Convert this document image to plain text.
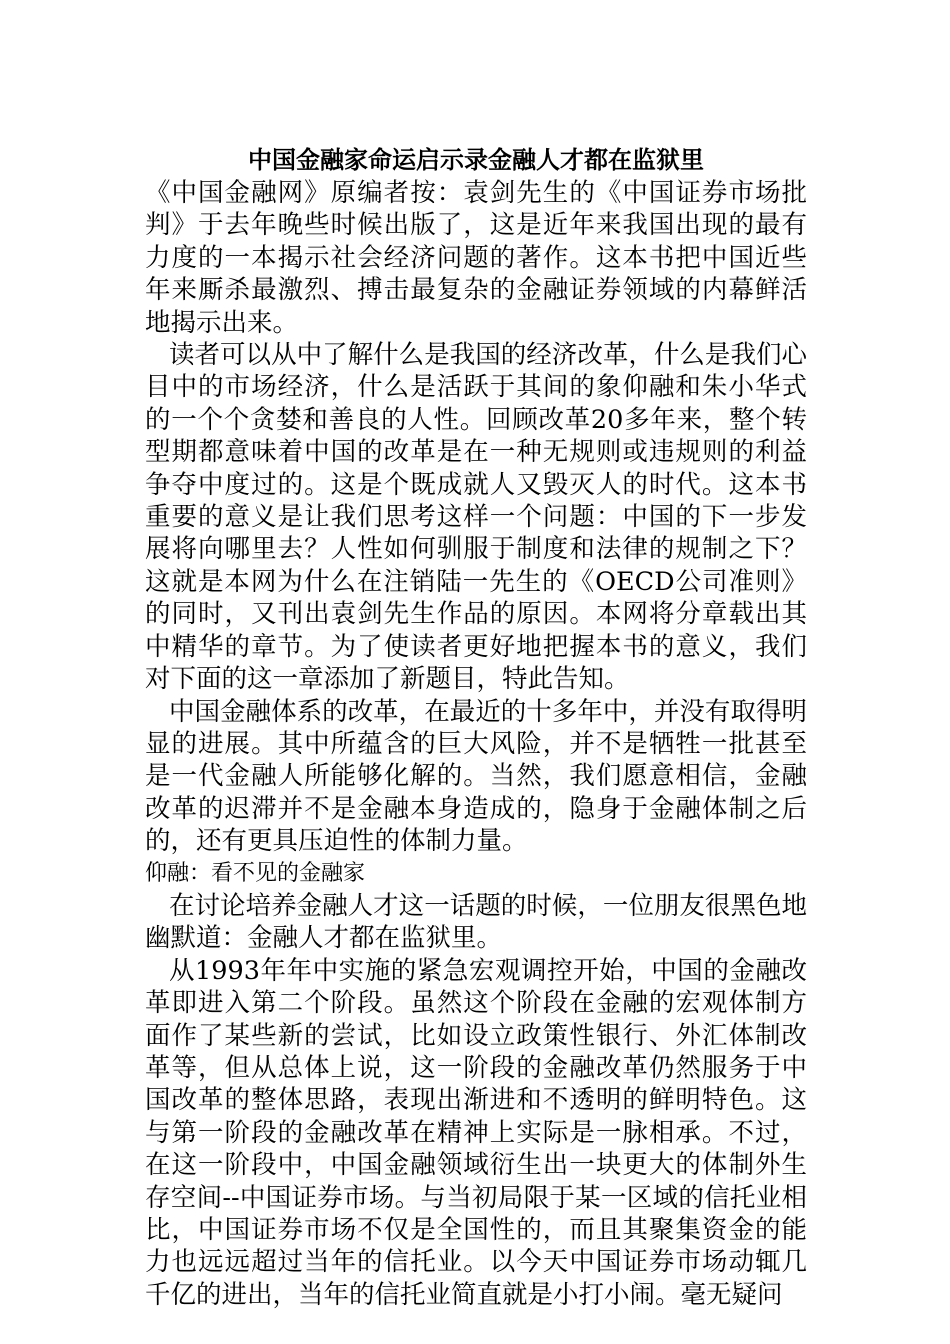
中国金融家命运启示录金融人才都在监狱里

《中国金融网》原编者按：袁剑先生的《中国证券市场批判》于去年晚些时候出版了，这是近年来我国出现的最有力度的一本揭示社会经济问题的著作。这本书把中国近些年来厮杀最激烈、搏击最复杂的金融证券领域的内幕鲜活地揭示出来。

读者可以从中了解什么是我国的经济改革，什么是我们心目中的市场经济，什么是活跃于其间的象仰融和朱小华式的一个个贪婪和善良的人性。回顾改革20多年来，整个转型期都意味着中国的改革是在一种无规则或违规则的利益争夺中度过的。这是个既成就人又毁灭人的时代。这本书重要的意义是让我们思考这样一个问题：中国的下一步发展将向哪里去？人性如何驯服于制度和法律的规制之下？这就是本网为什么在注销陆一先生的《OECD公司准则》的同时，又刊出袁剑先生作品的原因。本网将分章载出其中精华的章节。为了使读者更好地把握本书的意义，我们对下面的这一章添加了新题目，特此告知。

中国金融体系的改革，在最近的十多年中，并没有取得明显的进展。其中所蕴含的巨大风险，并不是牺牲一批甚至是一代金融人所能够化解的。当然，我们愿意相信，金融改革的迟滞并不是金融本身造成的，隐身于金融体制之后的，还有更具压迫性的体制力量。

仰融：看不见的金融家

在讨论培养金融人才这一话题的时候，一位朋友很黑色地幽默道：金融人才都在监狱里。

从1993年年中实施的紧急宏观调控开始，中国的金融改革即进入第二个阶段。虽然这个阶段在金融的宏观体制方面作了某些新的尝试，比如设立政策性银行、外汇体制改革等，但从总体上说，这一阶段的金融改革仍然服务于中国改革的整体思路，表现出渐进和不透明的鲜明特色。这与第一阶段的金融改革在精神上实际是一脉相承。不过，在这一阶段中，中国金融领域衍生出一块更大的体制外生存空间--中国证券市场。与当初局限于某一区域的信托业相比，中国证券市场不仅是全国性的，而且其聚集资金的能力也远远超过当年的信托业。以今天中国证券市场动辄几千亿的进出，当年的信托业简直就是小打小闹。毫无疑问
